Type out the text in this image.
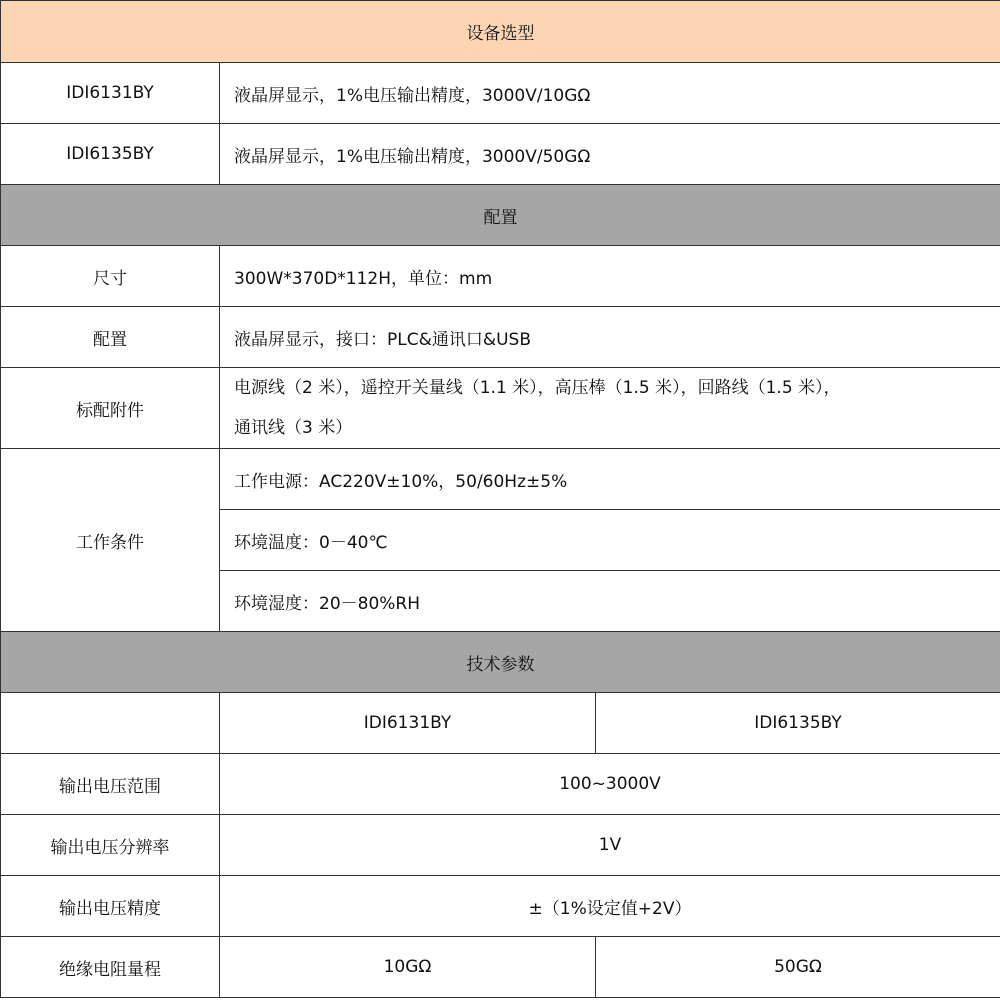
设备选型		
IDI6131BY	液晶屏显示，1%电压输出精度，3000V/10GΩ	
IDI6135BY	液晶屏显示，1%电压输出精度，3000V/50GΩ	
配置		
尺寸	300W*370D*112H，单位：mm	
配置	液晶屏显示，接口：PLC&通讯口&USB	
标配附件	电源线（2 米），遥控开关量线（1.1 米），高压棒（1.5 米），回路线（1.5 米），
通讯线（3 米）	
工作条件	工作电源：AC220V±10%，50/60Hz±5%	
	环境温度：0－40℃	
	环境湿度：20－80%RH	
技术参数		
	IDI6131BY	IDI6135BY
输出电压范围	100~3000V	
输出电压分辨率	1V	
输出电压精度	±（1%设定值+2V）	
绝缘电阻量程	10GΩ	50GΩ
